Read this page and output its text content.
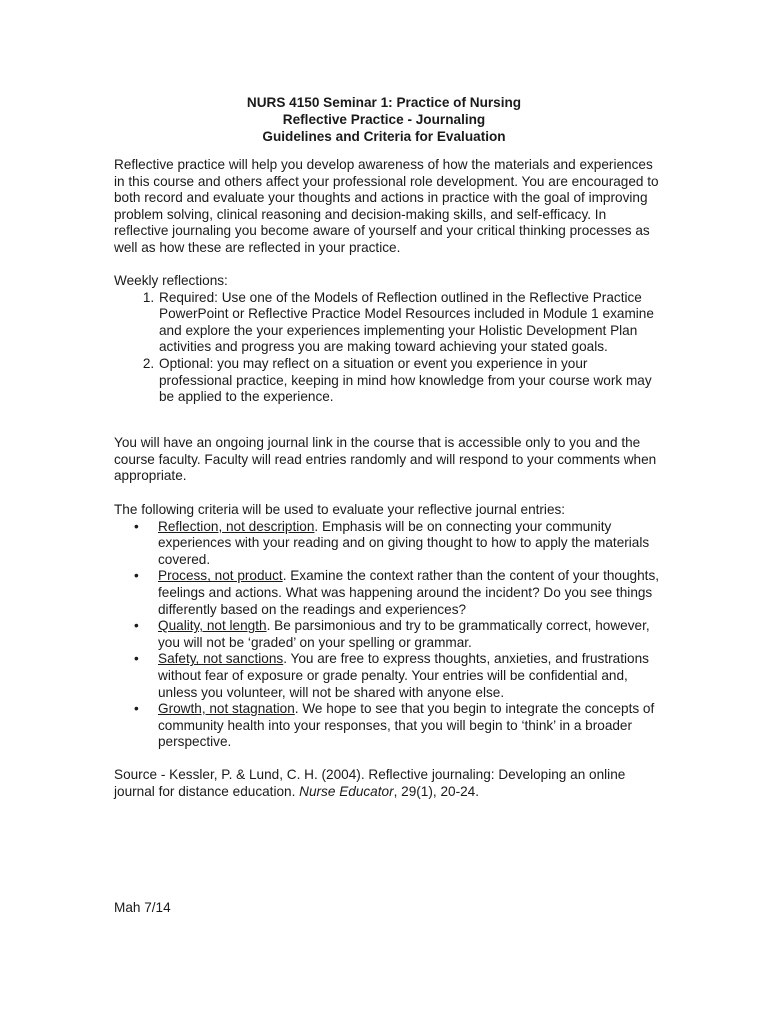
NURS 4150 Seminar 1: Practice of Nursing
Reflective Practice - Journaling
Guidelines and Criteria for Evaluation

Reflective practice will help you develop awareness of how the materials and experiences in this course and others affect your professional role development. You are encouraged to both record and evaluate your thoughts and actions in practice with the goal of improving problem solving, clinical reasoning and decision-making skills, and self-efficacy. In reflective journaling you become aware of yourself and your critical thinking processes as well as how these are reflected in your practice.

Weekly reflections:

1. Required: Use one of the Models of Reflection outlined in the Reflective Practice PowerPoint or Reflective Practice Model Resources included in Module 1 examine and explore the your experiences implementing your Holistic Development Plan activities and progress you are making toward achieving your stated goals.
2. Optional: you may reflect on a situation or event you experience in your professional practice, keeping in mind how knowledge from your course work may be applied to the experience.

You will have an ongoing journal link in the course that is accessible only to you and the course faculty. Faculty will read entries randomly and will respond to your comments when appropriate.

The following criteria will be used to evaluate your reflective journal entries:

• Reflection, not description. Emphasis will be on connecting your community experiences with your reading and on giving thought to how to apply the materials covered.
• Process, not product. Examine the context rather than the content of your thoughts, feelings and actions. What was happening around the incident? Do you see things differently based on the readings and experiences?
• Quality, not length. Be parsimonious and try to be grammatically correct, however, you will not be ‘graded’ on your spelling or grammar.
• Safety, not sanctions. You are free to express thoughts, anxieties, and frustrations without fear of exposure or grade penalty. Your entries will be confidential and, unless you volunteer, will not be shared with anyone else.
• Growth, not stagnation. We hope to see that you begin to integrate the concepts of community health into your responses, that you will begin to ‘think’ in a broader perspective.

Source - Kessler, P. & Lund, C. H. (2004). Reflective journaling: Developing an online journal for distance education. Nurse Educator, 29(1), 20-24.

Mah 7/14
